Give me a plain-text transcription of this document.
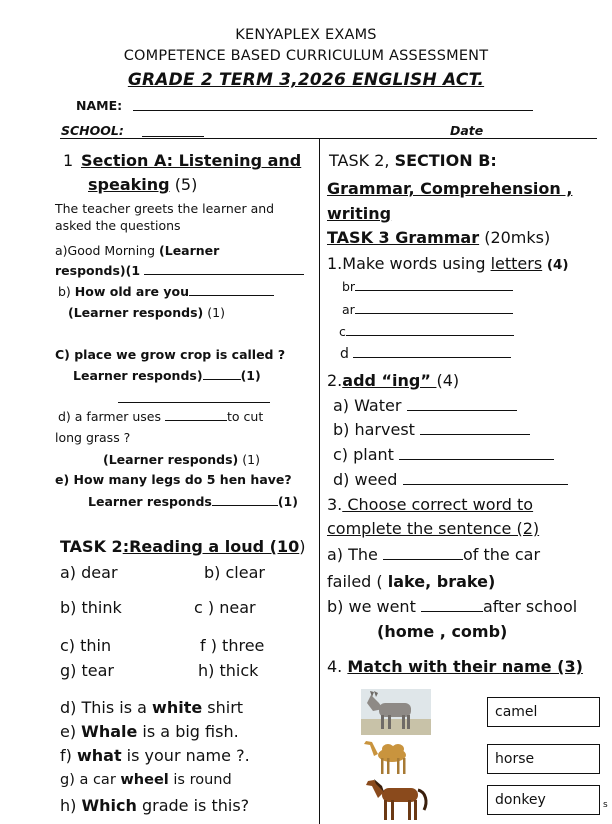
KENYAPLEX EXAMS
COMPETENCE BASED CURRICULUM ASSESSMENT
GRADE 2 TERM 3,2026 ENGLISH ACT.
NAME:
SCHOOL:	Date
1 Section A: Listening and
speaking (5)
The teacher greets the learner and
asked the questions
a)Good Morning (Learner
responds)(1
b) How old are you
(Learner responds) (1)
C) place we grow crop is called ?
Learner responds)	(1)
d) a farmer uses	to cut
long grass ?
(Learner responds) (1)
e) How many legs do 5 hen have?
Learner responds	(1)
TASK 2:Reading a loud (10)
a) dear	b) clear
b) think	c ) near
c) thin	f ) three
g) tear	h) thick
d) This is a white shirt
e) Whale is a big fish.
f) what is your name ?.
g) a car wheel is round
h) Which grade is this?
TASK 2, SECTION B:
Grammar, Comprehension ,
writing
TASK 3 Grammar (20mks)
1.Make words using letters (4)
br
ar
c
d
2.add “ing” (4)
a) Water
b) harvest
c) plant
d) weed
3. Choose correct word to
complete the sentence (2)
a) The	of the car
failed ( lake, brake)
b) we went	after school
(home , comb)
4. Match with their name (3)
camel
horse
donkey	s
